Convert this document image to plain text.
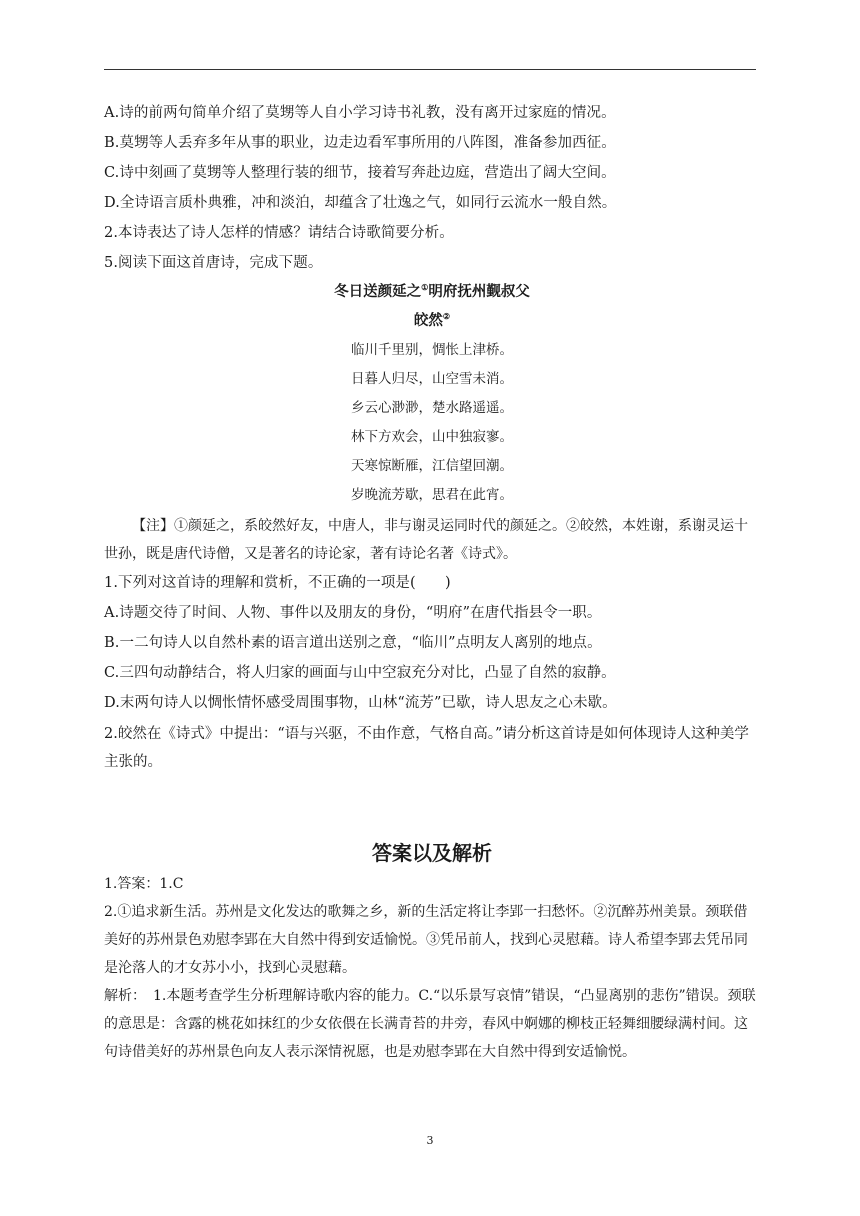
A.诗的前两句简单介绍了莫甥等人自小学习诗书礼教，没有离开过家庭的情况。
B.莫甥等人丢弃多年从事的职业，边走边看军事所用的八阵图，准备参加西征。
C.诗中刻画了莫甥等人整理行装的细节，接着写奔赴边庭，营造出了阔大空间。
D.全诗语言质朴典雅，冲和淡泊，却蕴含了壮逸之气，如同行云流水一般自然。
2.本诗表达了诗人怎样的情感？请结合诗歌简要分析。
5.阅读下面这首唐诗，完成下题。
冬日送颜延之①明府抚州觐叔父
皎然②
临川千里别，惆怅上津桥。
日暮人归尽，山空雪未消。
乡云心渺渺，楚水路遥遥。
林下方欢会，山中独寂寥。
天寒惊断雁，江信望回潮。
岁晚流芳歇，思君在此宵。
【注】①颜延之，系皎然好友，中唐人，非与谢灵运同时代的颜延之。②皎然，本姓谢，系谢灵运十世孙，既是唐代诗僧，又是著名的诗论家，著有诗论名著《诗式》。
1.下列对这首诗的理解和赏析，不正确的一项是(　　)
A.诗题交待了时间、人物、事件以及朋友的身份，“明府”在唐代指县令一职。
B.一二句诗人以自然朴素的语言道出送别之意，“临川”点明友人离别的地点。
C.三四句动静结合，将人归家的画面与山中空寂充分对比，凸显了自然的寂静。
D.末两句诗人以惆怅情怀感受周围事物，山林“流芳”已歇，诗人思友之心未歇。
2.皎然在《诗式》中提出：“语与兴驱，不由作意，气格自高。”请分析这首诗是如何体现诗人这种美学主张的。
答案以及解析
1.答案：1.C
2.①追求新生活。苏州是文化发达的歌舞之乡，新的生活定将让李郢一扫愁怀。②沉醉苏州美景。颈联借美好的苏州景色劝慰李郢在大自然中得到安适愉悦。③凭吊前人，找到心灵慰藉。诗人希望李郢去凭吊同是沦落人的才女苏小小，找到心灵慰藉。
解析：　1.本题考查学生分析理解诗歌内容的能力。C.“以乐景写哀情”错误，“凸显离别的悲伤”错误。颈联的意思是：含露的桃花如抹红的少女依偎在长满青苔的井旁，春风中婀娜的柳枝正轻舞细腰绿满村间。这句诗借美好的苏州景色向友人表示深情祝愿，也是劝慰李郢在大自然中得到安适愉悦。
3
